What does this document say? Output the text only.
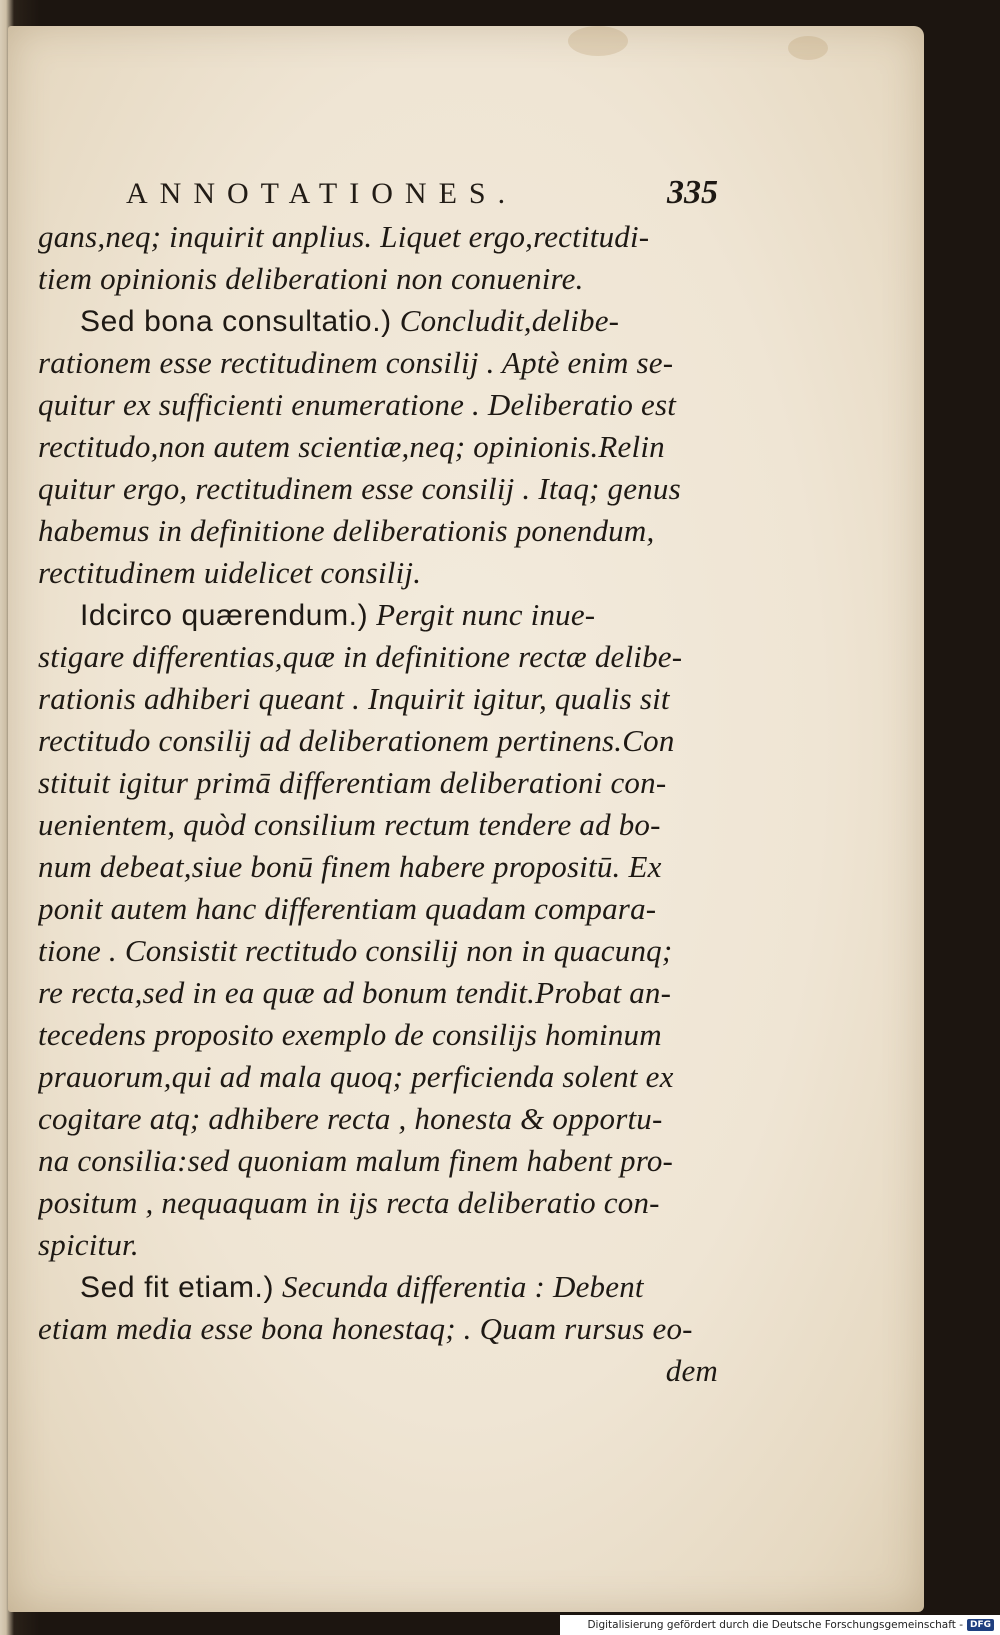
ANNOTATIONES.	335
gans,neq; inquirit anplius. Liquet ergo,rectitudi-
tiem opinionis deliberationi non conuenire.
Sed bona consultatio.) Concludit,delibe-
rationem esse rectitudinem consilij . Aptè enim se-
quitur ex sufficienti enumeratione . Deliberatio est
rectitudo,non autem scientiæ,neq; opinionis.Relin
quitur ergo, rectitudinem esse consilij . Itaq; genus
habemus in definitione deliberationis ponendum,
rectitudinem uidelicet consilij.
Idcirco quærendum.) Pergit nunc inue-
stigare differentias,quæ in definitione rectæ delibe-
rationis adhiberi queant . Inquirit igitur, qualis sit
rectitudo consilij ad deliberationem pertinens.Con
stituit igitur primā differentiam deliberationi con-
uenientem, quòd consilium rectum tendere ad bo-
num debeat,siue bonū finem habere propositū. Ex
ponit autem hanc differentiam quadam compara-
tione . Consistit rectitudo consilij non in quacunq;
re recta,sed in ea quæ ad bonum tendit.Probat an-
tecedens proposito exemplo de consilijs hominum
prauorum,qui ad mala quoq; perficienda solent ex
cogitare atq; adhibere recta , honesta & opportu-
na consilia:sed quoniam malum finem habent pro-
positum , nequaquam in ijs recta deliberatio con-
spicitur.
Sed fit etiam.) Secunda differentia : Debent
etiam media esse bona honestaq; . Quam rursus eo-
dem
Digitalisierung gefördert durch die Deutsche Forschungsgemeinschaft - DFG
